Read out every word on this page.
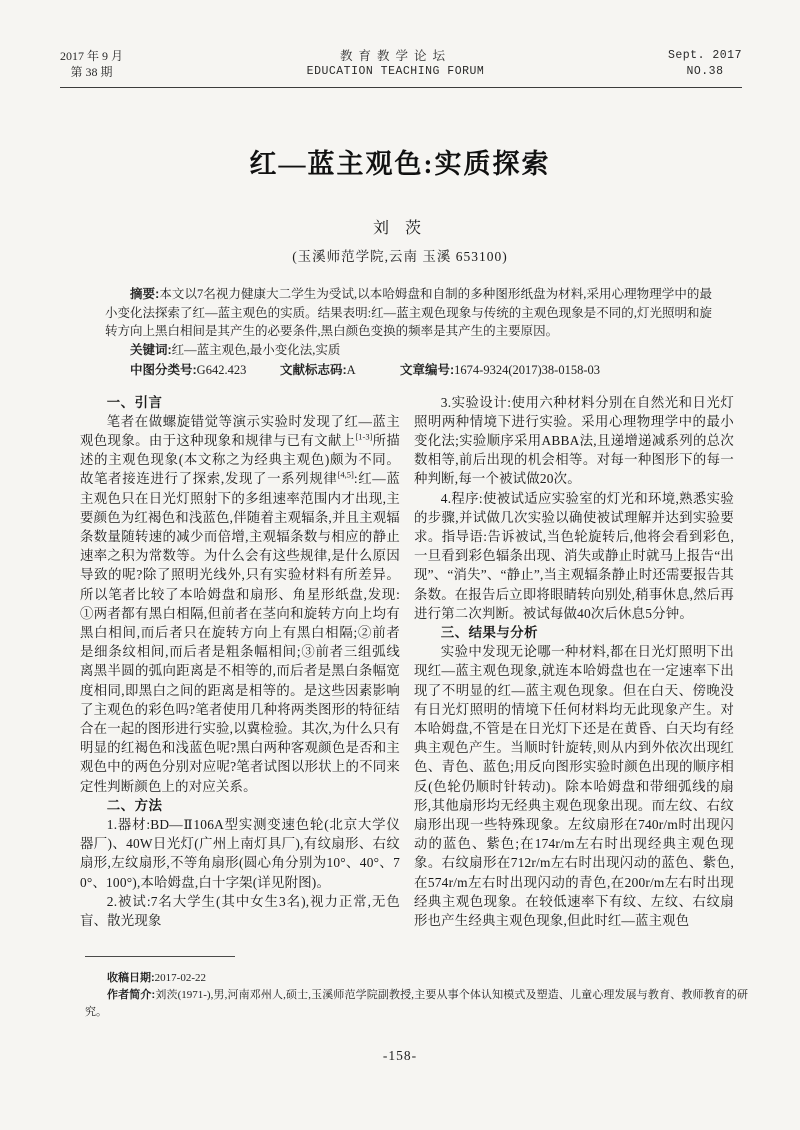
2017 年 9 月
第 38 期
教育教学论坛
EDUCATION TEACHING FORUM
Sept. 2017
NO.38
红—蓝主观色:实质探索
刘 茨
(玉溪师范学院,云南 玉溪 653100)

摘要:本文以7名视力健康大二学生为受试,以本哈姆盘和自制的多种图形纸盘为材料,采用心理物理学中的最小变化法探索了红—蓝主观色的实质。结果表明:红—蓝主观色现象与传统的主观色现象是不同的,灯光照明和旋转方向上黑白相间是其产生的必要条件,黑白颜色变换的频率是其产生的主要原因。

关键词:红—蓝主观色,最小变化法,实质

中图分类号:G642.423	文献标志码:A	文章编号:1674-9324(2017)38-0158-03

一、引言

笔者在做螺旋错觉等演示实验时发现了红—蓝主观色现象。由于这种现象和规律与已有文献上[1-3]所描述的主观色现象(本文称之为经典主观色)颇为不同。故笔者接连进行了探索,发现了一系列规律[4,5]:红—蓝主观色只在日光灯照射下的多组速率范围内才出现,主要颜色为红褐色和浅蓝色,伴随着主观辐条,并且主观辐条数量随转速的减少而倍增,主观辐条数与相应的静止速率之积为常数等。为什么会有这些规律,是什么原因导致的呢?除了照明光线外,只有实验材料有所差异。所以笔者比较了本哈姆盘和扇形、角星形纸盘,发现:①两者都有黑白相隔,但前者在茎向和旋转方向上均有黑白相间,而后者只在旋转方向上有黑白相隔;②前者是细条纹相间,而后者是粗条幅相间;③前者三组弧线离黑半圆的弧向距离是不相等的,而后者是黑白条幅宽度相同,即黑白之间的距离是相等的。是这些因素影响了主观色的彩色吗?笔者使用几种将两类图形的特征结合在一起的图形进行实验,以冀检验。其次,为什么只有明显的红褐色和浅蓝色呢?黑白两种客观颜色是否和主观色中的两色分别对应呢?笔者试图以形状上的不同来定性判断颜色上的对应关系。

二、方法

1.器材:BD—Ⅱ106A型实测变速色轮(北京大学仪器厂)、40W日光灯(广州上南灯具厂),有纹扇形、右纹扇形,左纹扇形,不等角扇形(圆心角分别为10°、40°、70°、100°),本哈姆盘,白十字架(详见附图)。

2.被试:7名大学生(其中女生3名),视力正常,无色盲、散光现象

3.实验设计:使用六种材料分别在自然光和日光灯照明两种情境下进行实验。采用心理物理学中的最小变化法;实验顺序采用ABBA法,且递增递减系列的总次数相等,前后出现的机会相等。对每一种图形下的每一种判断,每一个被试做20次。

4.程序:使被试适应实验室的灯光和环境,熟悉实验的步骤,并试做几次实验以确使被试理解并达到实验要求。指导语:告诉被试,当色轮旋转后,他将会看到彩色,一旦看到彩色辐条出现、消失或静止时就马上报告“出现”、“消失”、“静止”,当主观辐条静止时还需要报告其条数。在报告后立即将眼睛转向别处,稍事休息,然后再进行第二次判断。被试每做40次后休息5分钟。

三、结果与分析

实验中发现无论哪一种材料,都在日光灯照明下出现红—蓝主观色现象,就连本哈姆盘也在一定速率下出现了不明显的红—蓝主观色现象。但在白天、傍晚没有日光灯照明的情境下任何材料均无此现象产生。对本哈姆盘,不管是在日光灯下还是在黄昏、白天均有经典主观色产生。当顺时针旋转,则从内到外依次出现红色、青色、蓝色;用反向图形实验时颜色出现的顺序相反(色轮仍顺时针转动)。除本哈姆盘和带细弧线的扇形,其他扇形均无经典主观色现象出现。而左纹、右纹扇形出现一些特殊现象。左纹扇形在740r/m时出现闪动的蓝色、紫色;在174r/m左右时出现经典主观色现象。右纹扇形在712r/m左右时出现闪动的蓝色、紫色,在574r/m左右时出现闪动的青色,在200r/m左右时出现经典主观色现象。在较低速率下有纹、左纹、右纹扇形也产生经典主观色现象,但此时红—蓝主观色

收稿日期:2017-02-22

作者简介:刘茨(1971-),男,河南邓州人,硕士,玉溪师范学院副教授,主要从事个体认知模式及塑造、儿童心理发展与教育、教师教育的研究。

-158-
